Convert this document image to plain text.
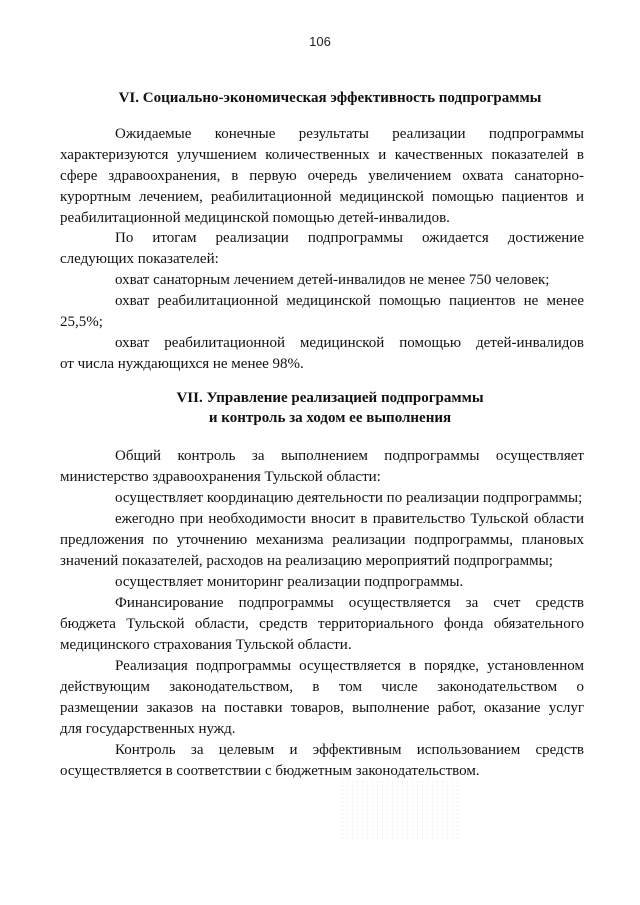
106
VI. Социально-экономическая эффективность подпрограммы
Ожидаемые конечные результаты реализации подпрограммы
характеризуются улучшением количественных и качественных показателей в
сфере здравоохранения, в первую очередь увеличением охвата санаторно-
курортным лечением, реабилитационной медицинской помощью пациентов и
реабилитационной медицинской помощью детей-инвалидов.
По итогам реализации подпрограммы ожидается достижение
следующих показателей:
охват санаторным лечением детей-инвалидов не менее 750 человек;
охват реабилитационной медицинской помощью пациентов не менее
25,5%;
охват реабилитационной медицинской помощью детей-инвалидов
от числа нуждающихся не менее 98%.
VII. Управление реализацией подпрограммы
и контроль за ходом ее выполнения
Общий контроль за выполнением подпрограммы осуществляет
министерство здравоохранения Тульской области:
осуществляет координацию деятельности по реализации подпрограммы;
ежегодно при необходимости вносит в правительство Тульской области
предложения по уточнению механизма реализации подпрограммы, плановых
значений показателей, расходов на реализацию мероприятий подпрограммы;
осуществляет мониторинг реализации подпрограммы.
Финансирование подпрограммы осуществляется за счет средств
бюджета Тульской области, средств территориального фонда обязательного
медицинского страхования Тульской области.
Реализация подпрограммы осуществляется в порядке, установленном
действующим законодательством, в том числе законодательством о
размещении заказов на поставки товаров, выполнение работ, оказание услуг
для государственных нужд.
Контроль за целевым и эффективным использованием средств
осуществляется в соответствии с бюджетным законодательством.
